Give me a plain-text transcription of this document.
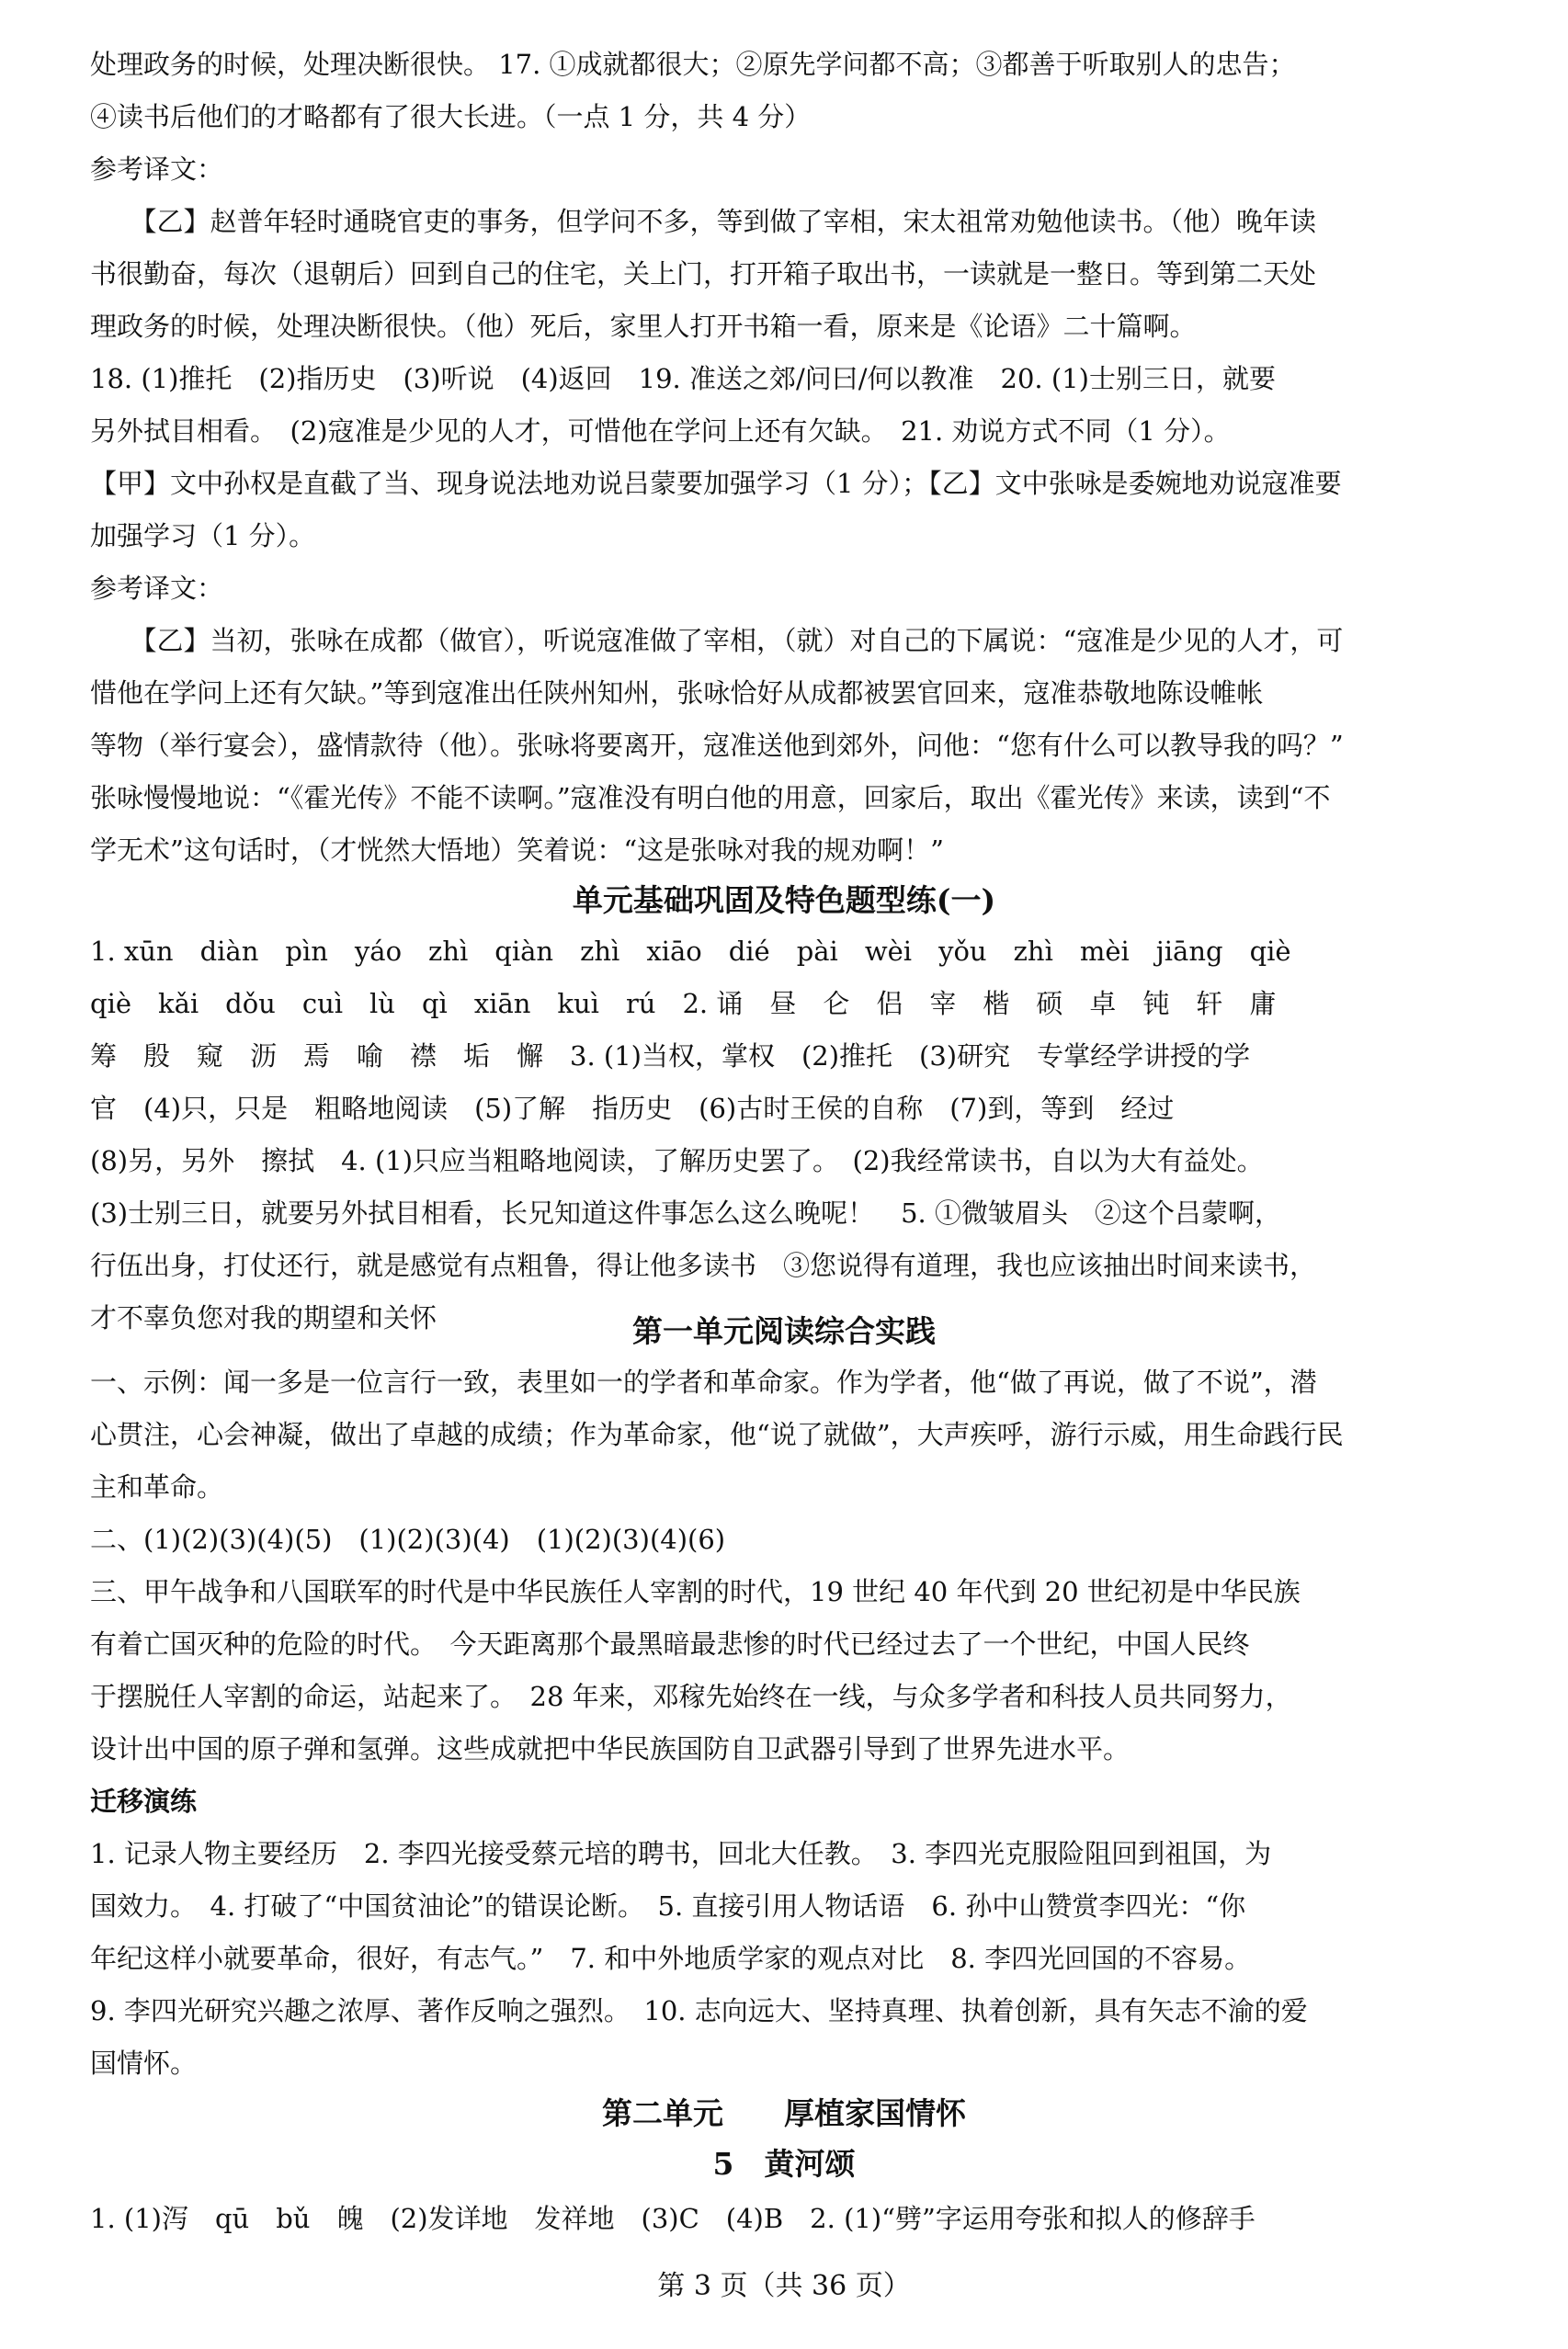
处理政务的时候，处理决断很快。 17. ①成就都很大；②原先学问都不高；③都善于听取别人的忠告；
④读书后他们的才略都有了很大长进。（一点 1 分，共 4 分）
参考译文：
　　【乙】赵普年轻时通晓官吏的事务，但学问不多，等到做了宰相，宋太祖常劝勉他读书。（他）晚年读
书很勤奋，每次（退朝后）回到自己的住宅，关上门，打开箱子取出书，一读就是一整日。等到第二天处
理政务的时候，处理决断很快。（他）死后，家里人打开书箱一看，原来是《论语》二十篇啊。
18. (1)推托　(2)指历史　(3)听说　(4)返回　19. 准送之郊/问曰/何以教准　20. (1)士别三日，就要
另外拭目相看。　(2)寇准是少见的人才，可惜他在学问上还有欠缺。　21. 劝说方式不同（1 分）。
【甲】文中孙权是直截了当、现身说法地劝说吕蒙要加强学习（1 分）；【乙】文中张咏是委婉地劝说寇准要
加强学习（1 分）。
参考译文：
　　【乙】当初，张咏在成都（做官），听说寇准做了宰相，（就）对自己的下属说：“寇准是少见的人才，可
惜他在学问上还有欠缺。”等到寇准出任陕州知州，张咏恰好从成都被罢官回来，寇准恭敬地陈设帷帐
等物（举行宴会），盛情款待（他）。张咏将要离开，寇准送他到郊外，问他：“您有什么可以教导我的吗？”
张咏慢慢地说：“《霍光传》不能不读啊。”寇准没有明白他的用意，回家后，取出《霍光传》来读，读到“不
学无术”这句话时，（才恍然大悟地）笑着说：“这是张咏对我的规劝啊！”
单元基础巩固及特色题型练(一)
1. xūn　diàn　pìn　yáo　zhì　qiàn　zhì　xiāo　dié　pài　wèi　yǒu　zhì　mèi　jiāng　qiè
qiè　kǎi　dǒu　cuì　lù　qì　xiān　kuì　rú　2. 诵　昼　仑　侣　宰　楷　硕　卓　钝　轩　庸
筹　殷　窥　沥　焉　喻　襟　垢　懈　3. (1)当权，掌权　(2)推托　(3)研究　专掌经学讲授的学
官　(4)只，只是　粗略地阅读　(5)了解　指历史　(6)古时王侯的自称　(7)到，等到　经过
(8)另，另外　擦拭　4. (1)只应当粗略地阅读，了解历史罢了。　(2)我经常读书，自以为大有益处。
(3)士别三日，就要另外拭目相看，长兄知道这件事怎么这么晚呢！　5. ①微皱眉头　②这个吕蒙啊，
行伍出身，打仗还行，就是感觉有点粗鲁，得让他多读书　③您说得有道理，我也应该抽出时间来读书，
才不辜负您对我的期望和关怀	第一单元阅读综合实践
一、示例：闻一多是一位言行一致，表里如一的学者和革命家。作为学者，他“做了再说，做了不说”，潜
心贯注，心会神凝，做出了卓越的成绩；作为革命家，他“说了就做”，大声疾呼，游行示威，用生命践行民
主和革命。
二、(1)(2)(3)(4)(5)　(1)(2)(3)(4)　(1)(2)(3)(4)(6)
三、甲午战争和八国联军的时代是中华民族任人宰割的时代，19 世纪 40 年代到 20 世纪初是中华民族
有着亡国灭种的危险的时代。　今天距离那个最黑暗最悲惨的时代已经过去了一个世纪，中国人民终
于摆脱任人宰割的命运，站起来了。　28 年来，邓稼先始终在一线，与众多学者和科技人员共同努力，
设计出中国的原子弹和氢弹。这些成就把中华民族国防自卫武器引导到了世界先进水平。
迁移演练
1. 记录人物主要经历　2. 李四光接受蔡元培的聘书，回北大任教。　3. 李四光克服险阻回到祖国，为
国效力。　4. 打破了“中国贫油论”的错误论断。　5. 直接引用人物话语　6. 孙中山赞赏李四光：“你
年纪这样小就要革命，很好，有志气。”　7. 和中外地质学家的观点对比　8. 李四光回国的不容易。
9. 李四光研究兴趣之浓厚、著作反响之强烈。　10. 志向远大、坚持真理、执着创新，具有矢志不渝的爱
国情怀。
第二单元　　厚植家国情怀
5　黄河颂
1. (1)泻　qū　bǔ　魄　(2)发详地　发祥地　(3)C　(4)B　2. (1)“劈”字运用夸张和拟人的修辞手
第 3 页（共 36 页）
